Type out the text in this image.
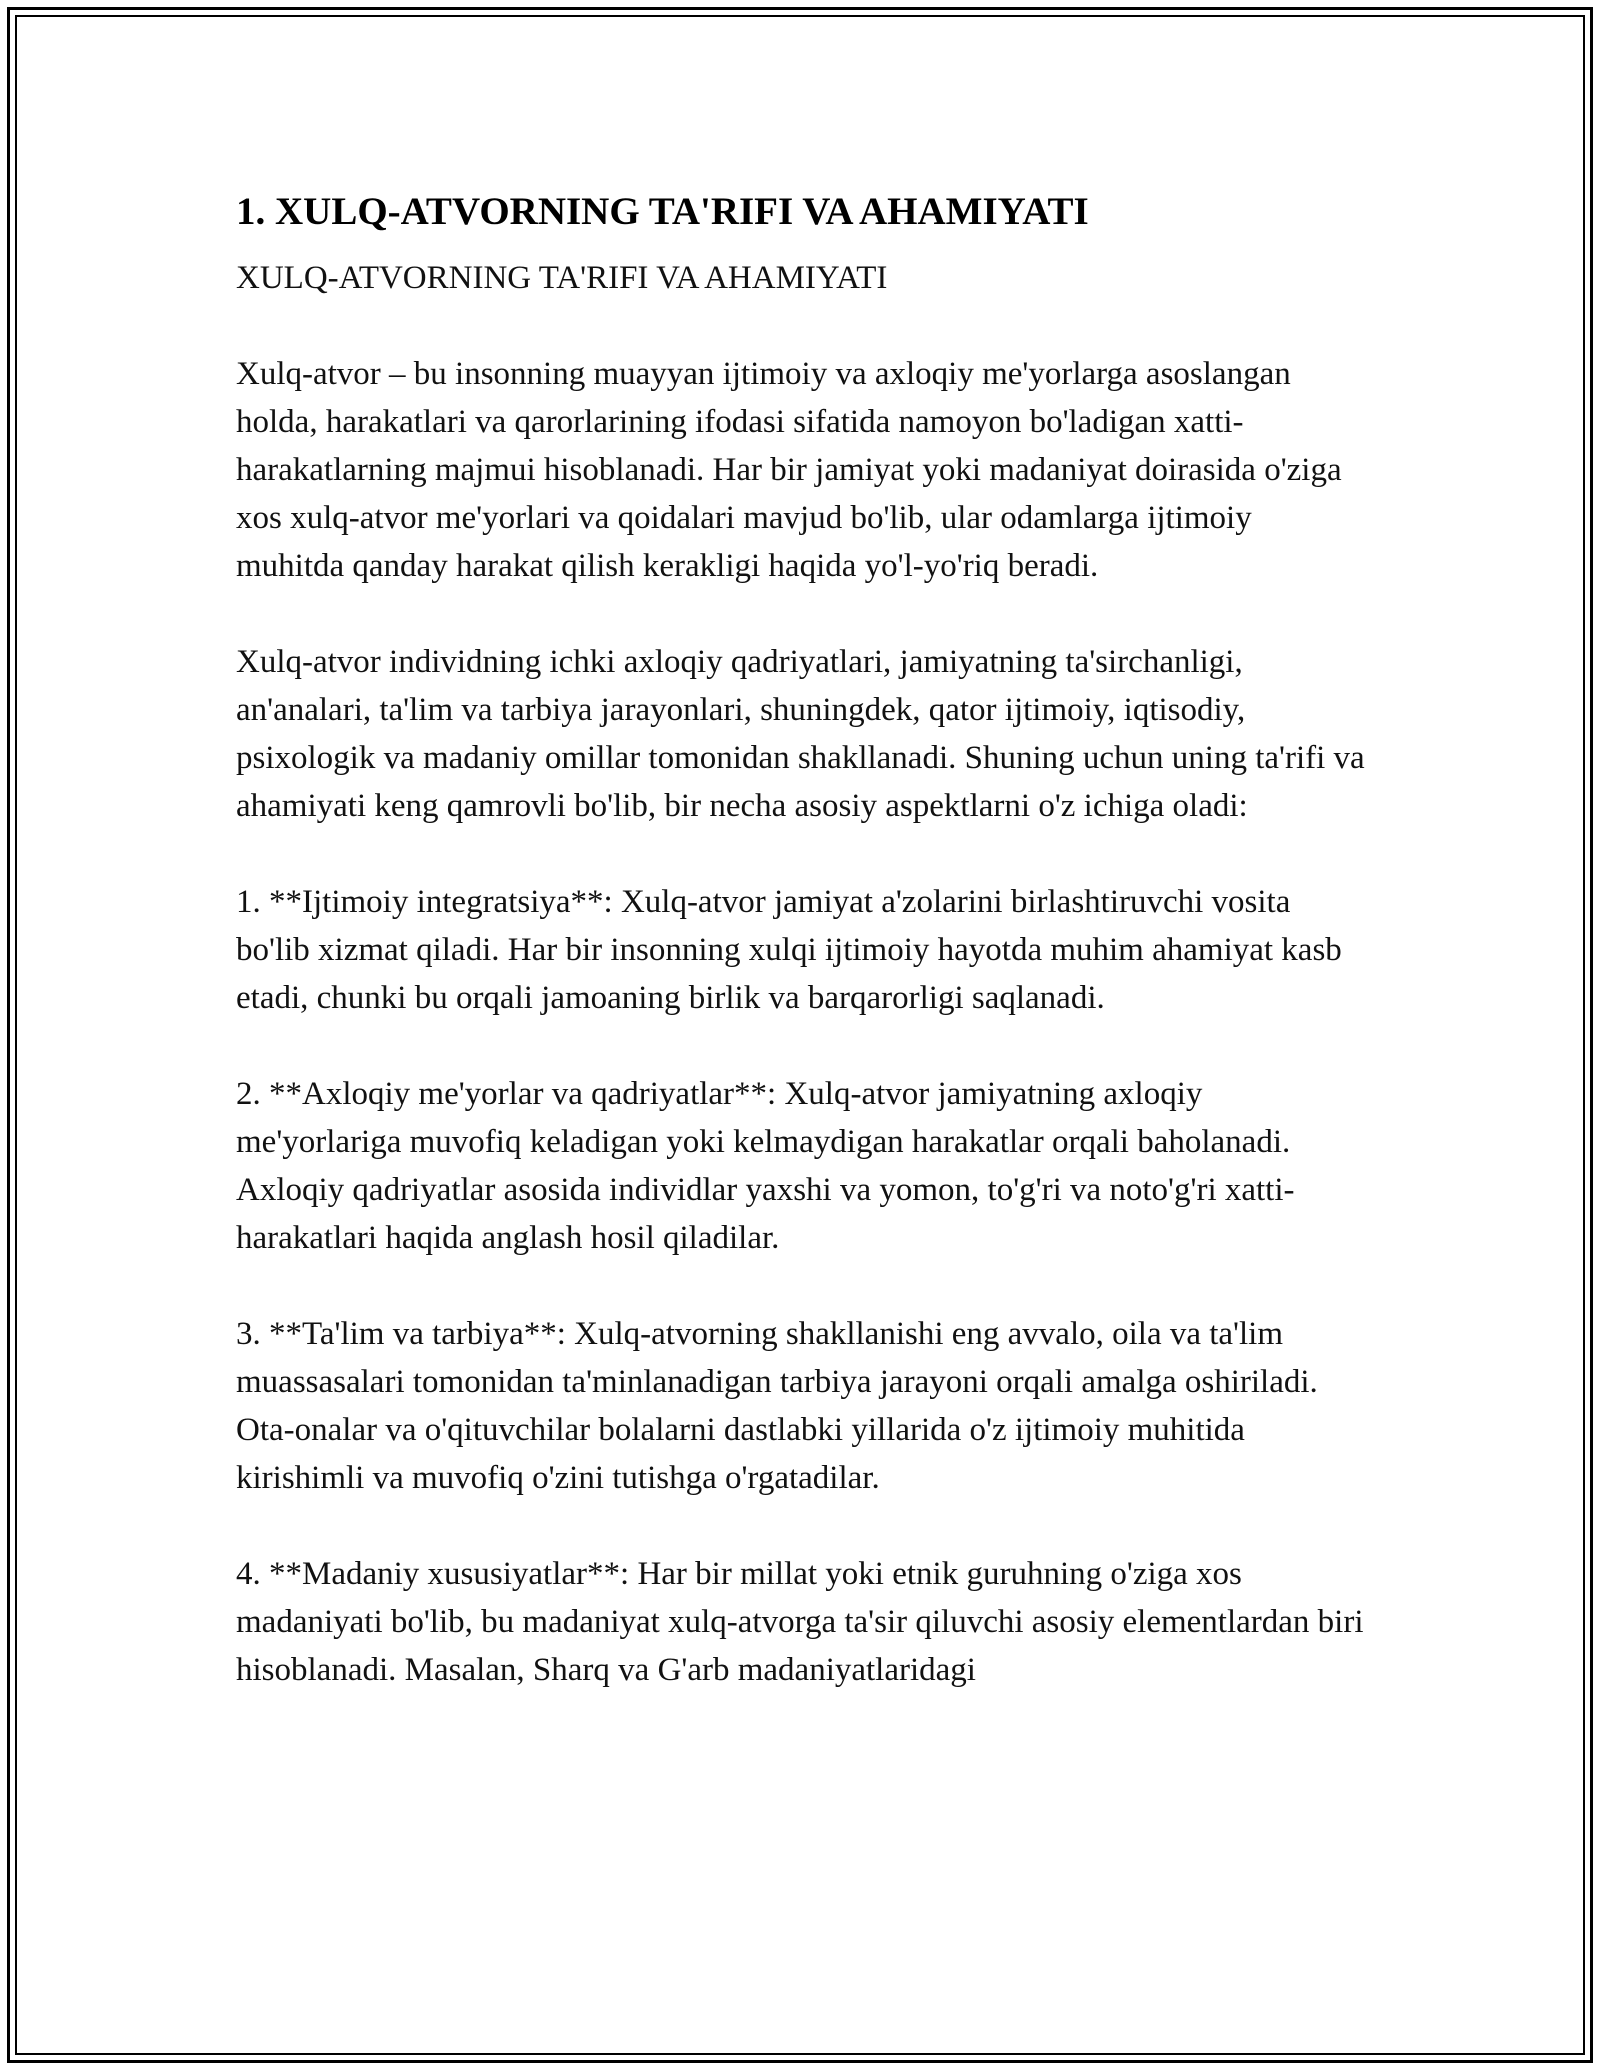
1. XULQ-ATVORNING TA'RIFI VA AHAMIYATI

XULQ-ATVORNING TA'RIFI VA AHAMIYATI

Xulq-atvor – bu insonning muayyan ijtimoiy va axloqiy me'yorlarga asoslangan holda, harakatlari va qarorlarining ifodasi sifatida namoyon bo'ladigan xatti-harakatlarning majmui hisoblanadi. Har bir jamiyat yoki madaniyat doirasida o'ziga xos xulq-atvor me'yorlari va qoidalari mavjud bo'lib, ular odamlarga ijtimoiy muhitda qanday harakat qilish kerakligi haqida yo'l-yo'riq beradi.

Xulq-atvor individning ichki axloqiy qadriyatlari, jamiyatning ta'sirchanligi, an'analari, ta'lim va tarbiya jarayonlari, shuningdek, qator ijtimoiy, iqtisodiy, psixologik va madaniy omillar tomonidan shakllanadi. Shuning uchun uning ta'rifi va ahamiyati keng qamrovli bo'lib, bir necha asosiy aspektlarni o'z ichiga oladi:

1. **Ijtimoiy integratsiya**: Xulq-atvor jamiyat a'zolarini birlashtiruvchi vosita bo'lib xizmat qiladi. Har bir insonning xulqi ijtimoiy hayotda muhim ahamiyat kasb etadi, chunki bu orqali jamoaning birlik va barqarorligi saqlanadi.

2. **Axloqiy me'yorlar va qadriyatlar**: Xulq-atvor jamiyatning axloqiy me'yorlariga muvofiq keladigan yoki kelmaydigan harakatlar orqali baholanadi. Axloqiy qadriyatlar asosida individlar yaxshi va yomon, to'g'ri va noto'g'ri xatti-harakatlari haqida anglash hosil qiladilar.

3. **Ta'lim va tarbiya**: Xulq-atvorning shakllanishi eng avvalo, oila va ta'lim muassasalari tomonidan ta'minlanadigan tarbiya jarayoni orqali amalga oshiriladi. Ota-onalar va o'qituvchilar bolalarni dastlabki yillarida o'z ijtimoiy muhitida kirishimli va muvofiq o'zini tutishga o'rgatadilar.

4. **Madaniy xususiyatlar**: Har bir millat yoki etnik guruhning o'ziga xos madaniyati bo'lib, bu madaniyat xulq-atvorga ta'sir qiluvchi asosiy elementlardan biri hisoblanadi. Masalan, Sharq va G'arb madaniyatlaridagi
